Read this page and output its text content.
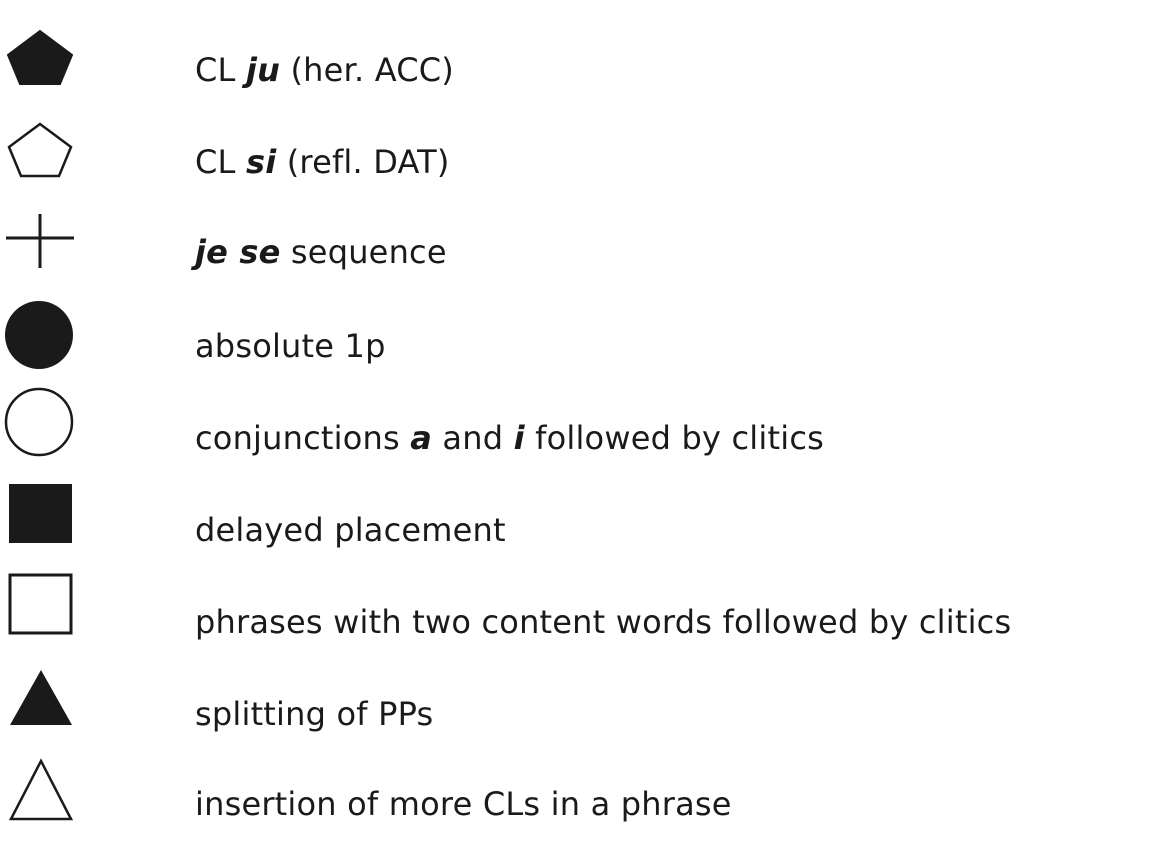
CL ju (her. ACC)
CL si (refl. DAT)
je se sequence
absolute 1p
conjunctions a and i followed by clitics
delayed placement
phrases with two content words followed by clitics
splitting of PPs
insertion of more CLs in a phrase
